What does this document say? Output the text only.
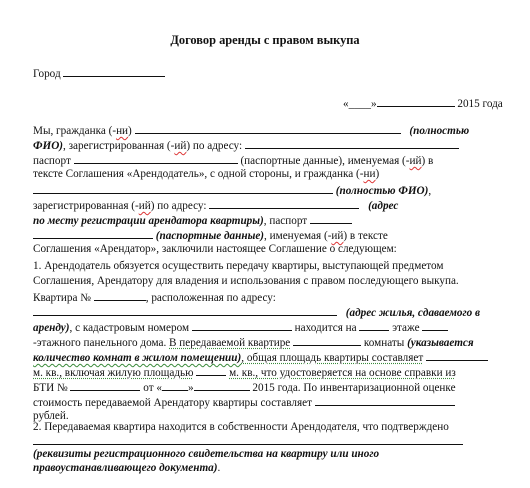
Договор аренды с правом выкупа
Город
«____»	2015 года
Мы, гражданка (-ни)	(полностью
ФИО), зарегистрированная (-ий) по адресу:
паспорт	(паспортные данные), именуемая (-ий) в
тексте Соглашения «Арендодатель», с одной стороны, и гражданка (-ни)
(полностью ФИО),
зарегистрированная (-ий) по адресу:	(адрес
по месту регистрации арендатора квартиры), паспорт
(паспортные данные), именуемая (-ий) в тексте
Соглашения «Арендатор», заключили настоящее Соглашение о следующем:
1. Арендодатель обязуется осуществить передачу квартиры, выступающей предметом
Соглашения, Арендатору для владения и использования с правом последующего выкупа.
Квартира №	, расположенная по адресу:
(адрес жилья, сдаваемого в
аренду), с кадастровым номером	находится на	этаже
-этажного панельного дома. В передаваемой квартире	комнаты (указывается
количество комнат в жилом помещении), общая площадь квартиры составляет
м. кв., включая жилую площадью	м. кв., что удостоверяется на основе справки из
БТИ №	от « »	2015 года. По инвентаризационной оценке
стоимость передаваемой Арендатору квартиры составляет
рублей.
2. Передаваемая квартира находится в собственности Арендодателя, что подтверждено
(реквизиты регистрационного свидетельства на квартиру или иного
правоустанавливающего документа).
